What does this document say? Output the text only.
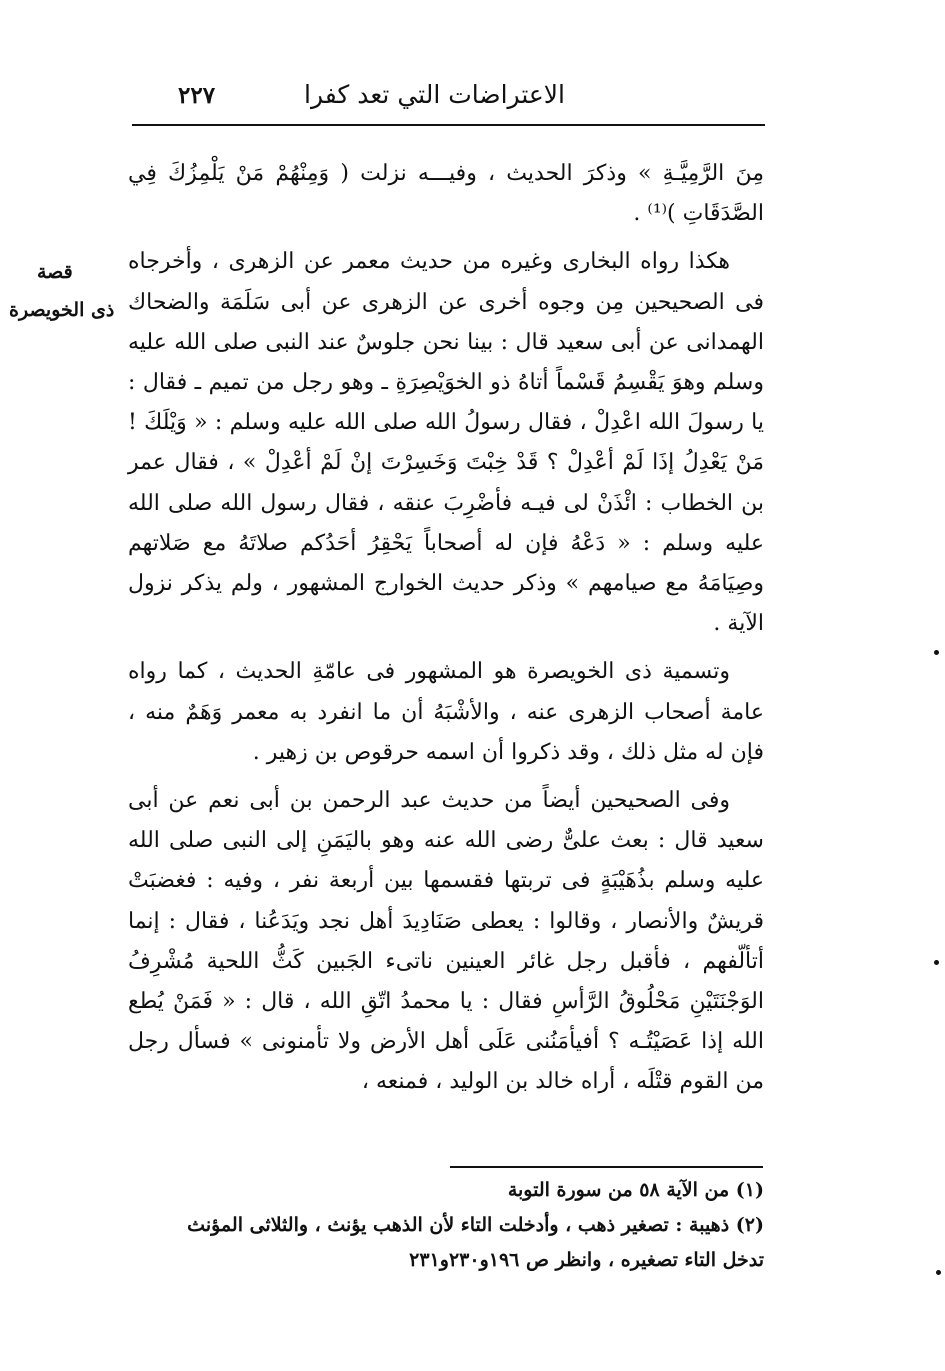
الاعتراضات التي تعد كفرا
٢٢٧
قصة
ذى الخويصرة

مِنَ الرَّمِيَّـةِ » وذكرَ الحديث ، وفيـــه نزلت ( وَمِنْهُمْ مَنْ يَلْمِزُكَ فِي الصَّدَقَاتِ )⁽¹⁾ .

هكذا رواه البخارى وغيره من حديث معمر عن الزهرى ، وأخرجاه فى الصحيحين مِن وجوه أخرى عن الزهرى عن أبى سَلَمَة والضحاك الهمدانى عن أبى سعيد قال : بينا نحن جلوسٌ عند النبى صلى الله عليه وسلم وهوَ يَقْسِمُ قَسْماً أتاهُ ذو الخوَيْصِرَةِ ـ وهو رجل من تميم ـ فقال : يا رسولَ الله اعْدِلْ ، فقال رسولُ الله صلى الله عليه وسلم : « وَيْلَكَ ! مَنْ يَعْدِلُ إذَا لَمْ أعْدِلْ ؟ قَدْ خِبْتَ وَخَسِرْتَ إنْ لَمْ أعْدِلْ » ، فقال عمر بن الخطاب : ائْذَنْ لى فيـه فأضْرِبَ عنقه ، فقال رسول الله صلى الله عليه وسلم : « دَعْهُ فإن له أصحاباً يَحْقِرُ أحَدُكم صلاتَهُ مع صَلاتهم وصِيَامَهُ مع صيامهم » وذكر حديث الخوارج المشهور ، ولم يذكر نزول الآية .

وتسمية ذى الخويصرة هو المشهور فى عامّةِ الحديث ، كما رواه عامة أصحاب الزهرى عنه ، والأشْبَهُ أن ما انفرد به معمر وَهَمٌ منه ، فإن له مثل ذلك ، وقد ذكروا أن اسمه حرقوص بن زهير .

وفى الصحيحين أيضاً من حديث عبد الرحمن بن أبى نعم عن أبى سعيد قال : بعث علىٌّ رضى الله عنه وهو باليَمَنِ إلى النبى صلى الله عليه وسلم بذُهَيْبَةٍ فى تربتها فقسمها بين أربعة نفر ، وفيه : فغضبَتْ قريشٌ والأنصار ، وقالوا : يعطى صَنَادِيدَ أهل نجد ويَدَعُنا ، فقال : إنما أتألّفهم ، فأقبل رجل غائر العينين ناتىء الجَبين كَثُّ اللحية مُشْرِفُ الوَجْنَتَيْنِ مَحْلُوقُ الرَّأسِ فقال : يا محمدُ اتّقِ الله ، قال : « فَمَنْ يُطع الله إذا عَصَيْتُـه ؟ أفيأمَنُنى عَلَى أهل الأرض ولا تأمنونى » فسأل رجل من القوم قتْلَه ، أراه خالد بن الوليد ، فمنعه ،

(١) من الآية ٥٨ من سورة التوبة

(٢) ذهيبة : تصغير ذهب ، وأدخلت التاء لأن الذهب يؤنث ، والثلاثى المؤنث

تدخل التاء تصغيره ، وانظر ص ١٩٦و٢٣٠و٢٣١
